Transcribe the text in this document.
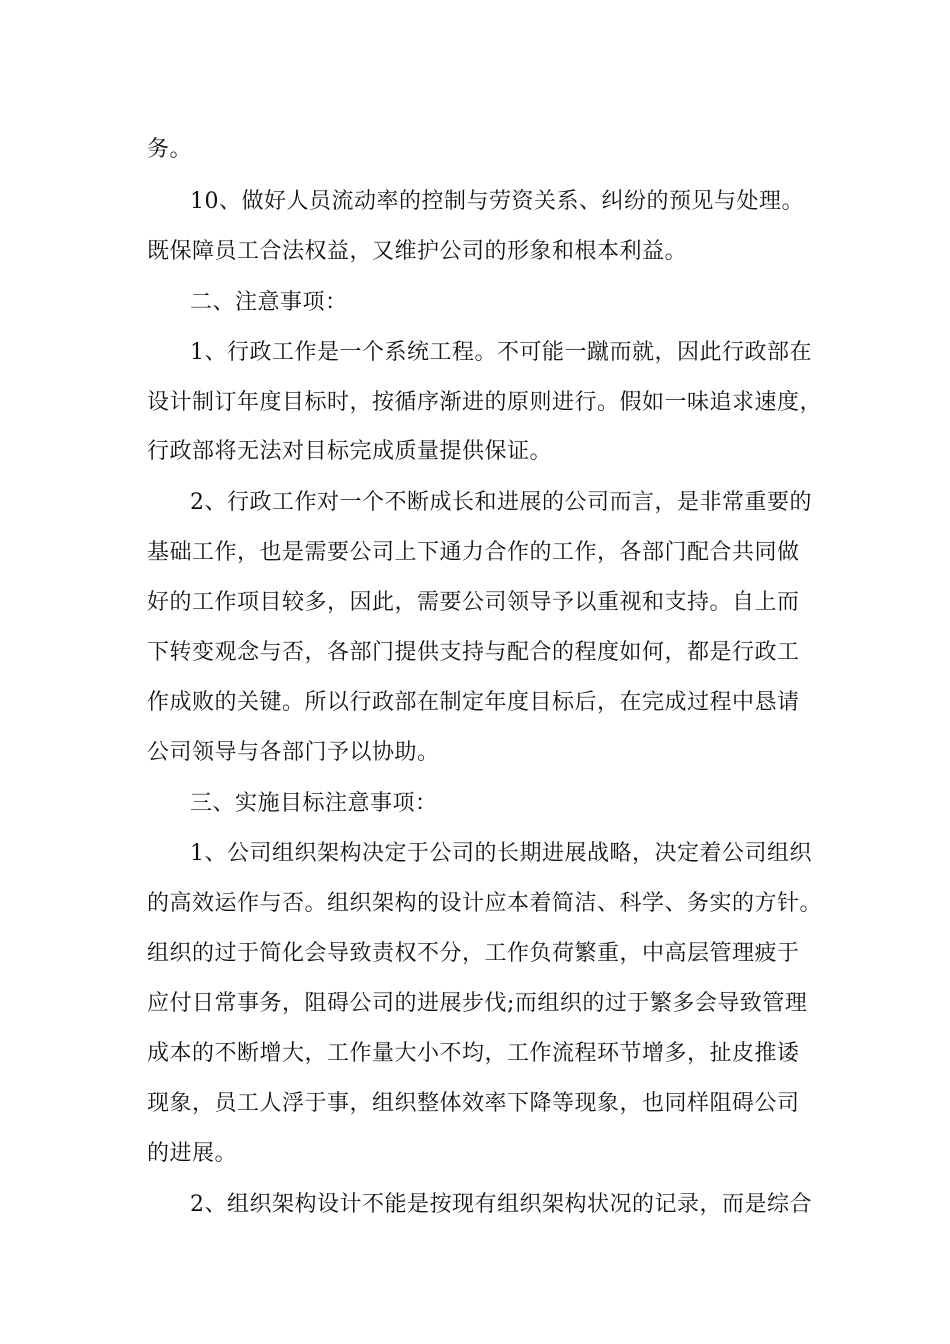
务。
10、做好人员流动率的控制与劳资关系、纠纷的预见与处理。
既保障员工合法权益，又维护公司的形象和根本利益。
二、注意事项：
1、行政工作是一个系统工程。不可能一蹴而就，因此行政部在
设计制订年度目标时，按循序渐进的原则进行。假如一味追求速度，
行政部将无法对目标完成质量提供保证。
2、行政工作对一个不断成长和进展的公司而言，是非常重要的
基础工作，也是需要公司上下通力合作的工作，各部门配合共同做
好的工作项目较多，因此，需要公司领导予以重视和支持。自上而
下转变观念与否，各部门提供支持与配合的程度如何，都是行政工
作成败的关键。所以行政部在制定年度目标后，在完成过程中恳请
公司领导与各部门予以协助。
三、实施目标注意事项：
1、公司组织架构决定于公司的长期进展战略，决定着公司组织
的高效运作与否。组织架构的设计应本着简洁、科学、务实的方针。
组织的过于简化会导致责权不分，工作负荷繁重，中高层管理疲于
应付日常事务，阻碍公司的进展步伐;而组织的过于繁多会导致管理
成本的不断增大，工作量大小不均，工作流程环节增多，扯皮推诿
现象，员工人浮于事，组织整体效率下降等现象，也同样阻碍公司
的进展。
2、组织架构设计不能是按现有组织架构状况的记录，而是综合
